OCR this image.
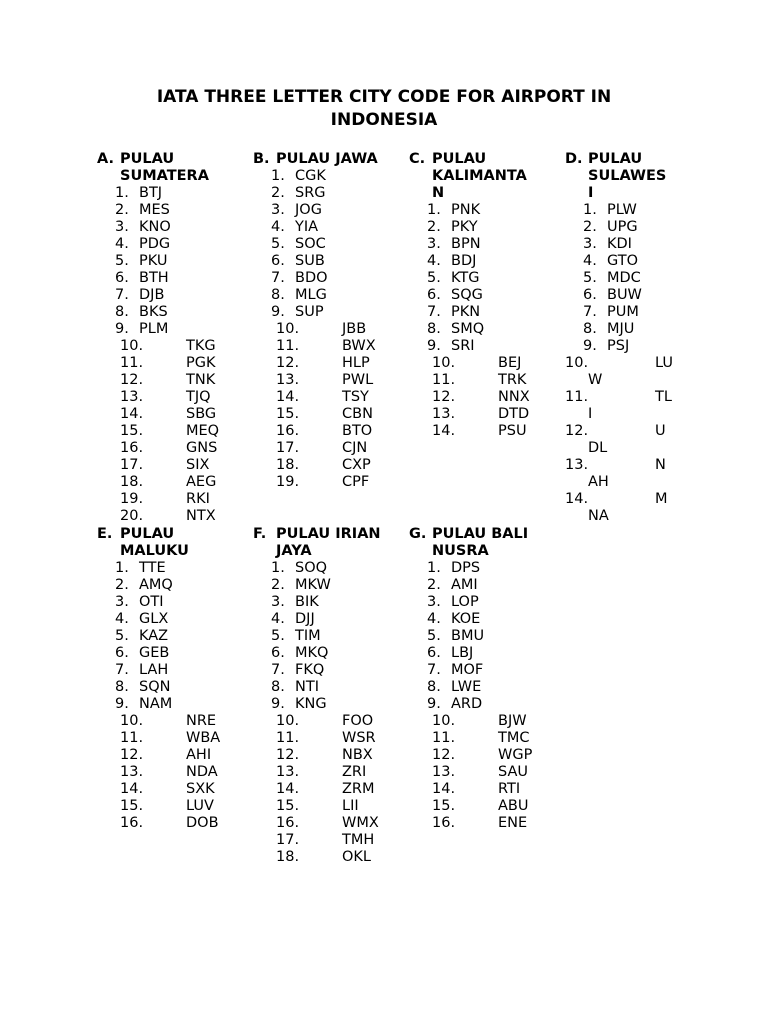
IATA THREE LETTER CITY CODE FOR AIRPORT IN
INDONESIA
A. PULAU
SUMATERA
1. BTJ
2. MES
3. KNO
4. PDG
5. PKU
6. BTH
7. DJB
8. BKS
9. PLM
10.	TKG
11.	PGK
12.	TNK
13.	TJQ
14.	SBG
15.	MEQ
16.	GNS
17.	SIX
18.	AEG
19.	RKI
20.	NTX
B. PULAU JAWA
1. CGK
2. SRG
3. JOG
4. YIA
5. SOC
6. SUB
7. BDO
8. MLG
9. SUP
10.	JBB
11.	BWX
12.	HLP
13.	PWL
14.	TSY
15.	CBN
16.	BTO
17.	CJN
18.	CXP
19.	CPF
C. PULAU
KALIMANTA
N
1. PNK
2. PKY
3. BPN
4. BDJ
5. KTG
6. SQG
7. PKN
8. SMQ
9. SRI
10.	BEJ
11.	TRK
12.	NNX
13.	DTD
14.	PSU
D. PULAU
SULAWES
I
1. PLW
2. UPG
3. KDI
4. GTO
5. MDC
6. BUW
7. PUM
8. MJU
9. PSJ
10.	LU
W
11.	TL
I
12.	U
DL
13.	N
AH
14.	M
NA
E. PULAU
MALUKU
1. TTE
2. AMQ
3. OTI
4. GLX
5. KAZ
6. GEB
7. LAH
8. SQN
9. NAM
10.	NRE
11.	WBA
12.	AHI
13.	NDA
14.	SXK
15.	LUV
16.	DOB
F. PULAU IRIAN
JAYA
1. SOQ
2. MKW
3. BIK
4. DJJ
5. TIM
6. MKQ
7. FKQ
8. NTI
9. KNG
10.	FOO
11.	WSR
12.	NBX
13.	ZRI
14.	ZRM
15.	LII
16.	WMX
17.	TMH
18.	OKL
G. PULAU BALI
NUSRA
1. DPS
2. AMI
3. LOP
4. KOE
5. BMU
6. LBJ
7. MOF
8. LWE
9. ARD
10.	BJW
11.	TMC
12.	WGP
13.	SAU
14.	RTI
15.	ABU
16.	ENE
